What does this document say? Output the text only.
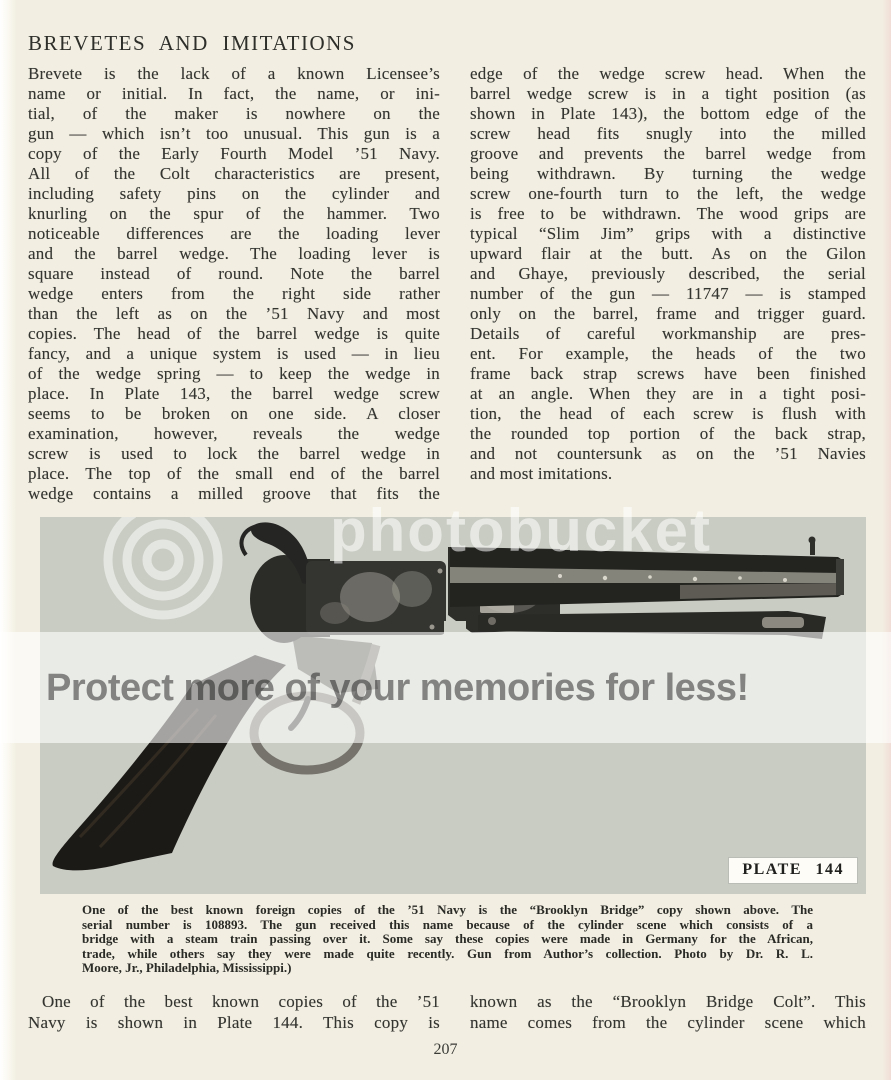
BREVETES AND IMITATIONS
Brevete is the lack of a known Licensee’s
name or initial. In fact, the name, or ini-
tial, of the maker is nowhere on the
gun — which isn’t too unusual. This gun is a
copy of the Early Fourth Model ’51 Navy.
All of the Colt characteristics are present,
including safety pins on the cylinder and
knurling on the spur of the hammer. Two
noticeable differences are the loading lever
and the barrel wedge. The loading lever is
square instead of round. Note the barrel
wedge enters from the right side rather
than the left as on the ’51 Navy and most
copies. The head of the barrel wedge is quite
fancy, and a unique system is used — in lieu
of the wedge spring — to keep the wedge in
place. In Plate 143, the barrel wedge screw
seems to be broken on one side. A closer
examination, however, reveals the wedge
screw is used to lock the barrel wedge in
place. The top of the small end of the barrel
wedge contains a milled groove that fits the
edge of the wedge screw head. When the
barrel wedge screw is in a tight position (as
shown in Plate 143), the bottom edge of the
screw head fits snugly into the milled
groove and prevents the barrel wedge from
being withdrawn. By turning the wedge
screw one-fourth turn to the left, the wedge
is free to be withdrawn. The wood grips are
typical “Slim Jim” grips with a distinctive
upward flair at the butt. As on the Gilon
and Ghaye, previously described, the serial
number of the gun — 11747 — is stamped
only on the barrel, frame and trigger guard.
Details of careful workmanship are pres-
ent. For example, the heads of the two
frame back strap screws have been finished
at an angle. When they are in a tight posi-
tion, the head of each screw is flush with
the rounded top portion of the back strap,
and not countersunk as on the ’51 Navies
and most imitations.
PLATE 144
photobucket
Protect more of your memories for less!
One of the best known foreign copies of the ’51 Navy is the “Brooklyn Bridge” copy shown above. The
serial number is 108893. The gun received this name because of the cylinder scene which consists of a
bridge with a steam train passing over it. Some say these copies were made in Germany for the African,
trade, while others say they were made quite recently. Gun from Author’s collection. Photo by Dr. R. L.
Moore, Jr., Philadelphia, Mississippi.)
One of the best known copies of the ’51
Navy is shown in Plate 144. This copy is
known as the “Brooklyn Bridge Colt”. This
name comes from the cylinder scene which
207
